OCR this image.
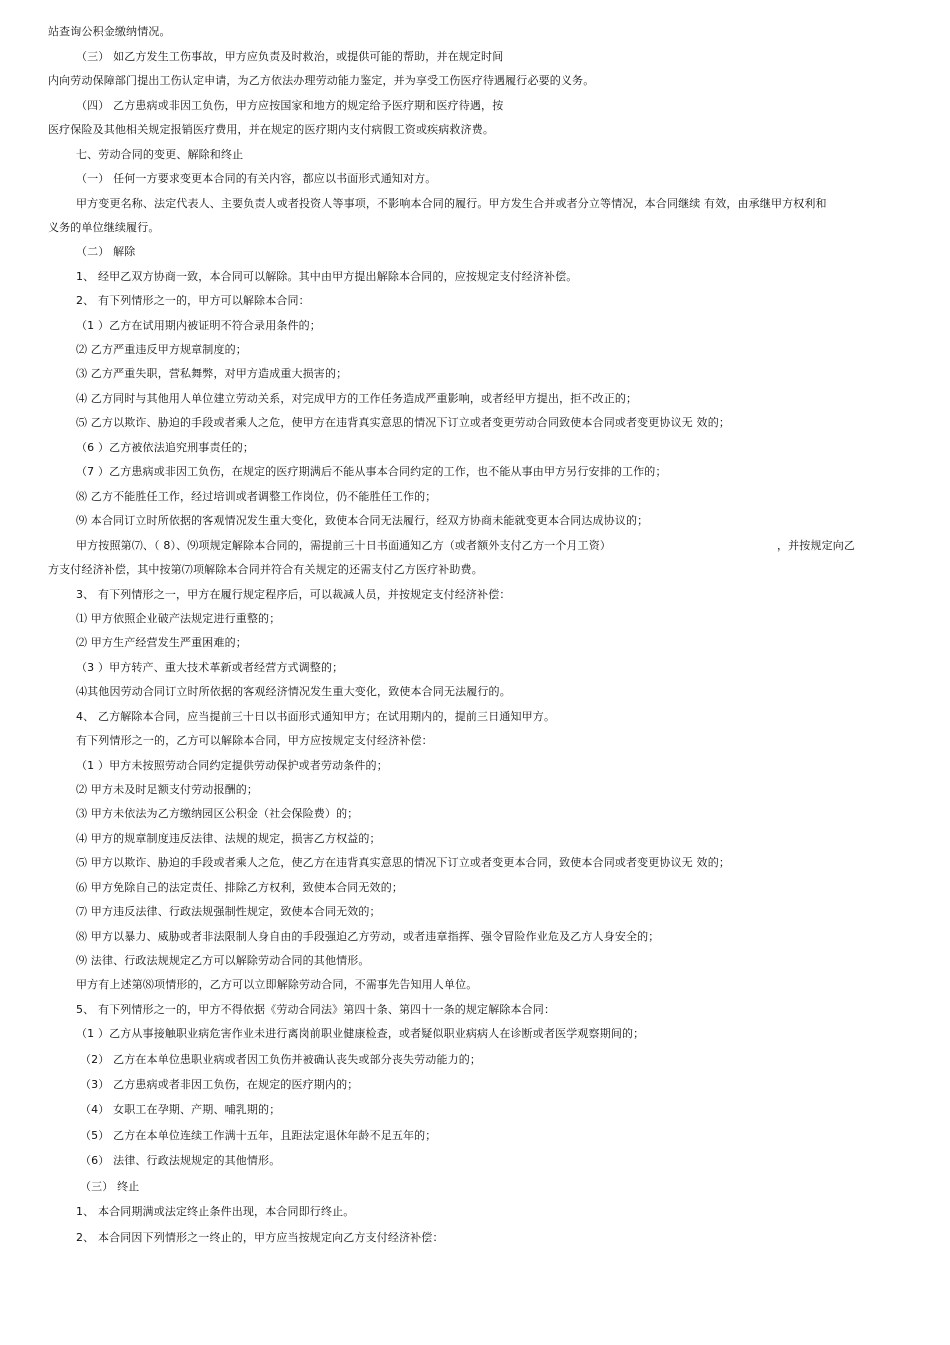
站查询公积金缴纳情况。
（三） 如乙方发生工伤事故，甲方应负责及时救治，或提供可能的帮助，并在规定时间
内向劳动保障部门提出工伤认定申请，为乙方依法办理劳动能力鉴定，并为享受工伤医疗待遇履行必要的义务。
（四） 乙方患病或非因工负伤，甲方应按国家和地方的规定给予医疗期和医疗待遇，按
医疗保险及其他相关规定报销医疗费用，并在规定的医疗期内支付病假工资或疾病救济费。
七、劳动合同的变更、解除和终止
（一） 任何一方要求变更本合同的有关内容，都应以书面形式通知对方。
甲方变更名称、法定代表人、主要负责人或者投资人等事项，不影响本合同的履行。甲方发生合并或者分立等情况，本合同继续 有效，由承继甲方权利和
义务的单位继续履行。
（二） 解除
1、 经甲乙双方协商一致，本合同可以解除。其中由甲方提出解除本合同的，应按规定支付经济补偿。
2、 有下列情形之一的，甲方可以解除本合同：
（1 ）乙方在试用期内被证明不符合录用条件的；
⑵ 乙方严重违反甲方规章制度的；
⑶ 乙方严重失职，营私舞弊，对甲方造成重大损害的；
⑷ 乙方同时与其他用人单位建立劳动关系，对完成甲方的工作任务造成严重影响，或者经甲方提出，拒不改正的；
⑸ 乙方以欺诈、胁迫的手段或者乘人之危，使甲方在违背真实意思的情况下订立或者变更劳动合同致使本合同或者变更协议无 效的；
（6 ）乙方被依法追究刑事责任的；
（7 ）乙方患病或非因工负伤，在规定的医疗期满后不能从事本合同约定的工作，也不能从事由甲方另行安排的工作的；
⑻ 乙方不能胜任工作，经过培训或者调整工作岗位，仍不能胜任工作的；
⑼ 本合同订立时所依据的客观情况发生重大变化，致使本合同无法履行，经双方协商未能就变更本合同达成协议的；
甲方按照第⑺、（ 8）、⑼项规定解除本合同的，需提前三十日书面通知乙方（或者额外支付乙方一个月工资）	，并按规定向乙
方支付经济补偿，其中按第⑺项解除本合同并符合有关规定的还需支付乙方医疗补助费。
3、 有下列情形之一，甲方在履行规定程序后，可以裁减人员，并按规定支付经济补偿：
⑴ 甲方依照企业破产法规定进行重整的；
⑵ 甲方生产经营发生严重困难的；
（3 ）甲方转产、重大技术革新或者经营方式调整的；
⑷其他因劳动合同订立时所依据的客观经济情况发生重大变化，致使本合同无法履行的。
4、 乙方解除本合同，应当提前三十日以书面形式通知甲方；在试用期内的，提前三日通知甲方。
有下列情形之一的，乙方可以解除本合同，甲方应按规定支付经济补偿：
（1 ）甲方未按照劳动合同约定提供劳动保护或者劳动条件的；
⑵ 甲方未及时足额支付劳动报酬的；
⑶ 甲方未依法为乙方缴纳园区公积金（社会保险费）的；
⑷ 甲方的规章制度违反法律、法规的规定，损害乙方权益的；
⑸ 甲方以欺诈、胁迫的手段或者乘人之危，使乙方在违背真实意思的情况下订立或者变更本合同，致使本合同或者变更协议无 效的；
⑹ 甲方免除自己的法定责任、排除乙方权利，致使本合同无效的；
⑺ 甲方违反法律、行政法规强制性规定，致使本合同无效的；
⑻ 甲方以暴力、威胁或者非法限制人身自由的手段强迫乙方劳动，或者违章指挥、强令冒险作业危及乙方人身安全的；
⑼ 法律、行政法规规定乙方可以解除劳动合同的其他情形。
甲方有上述第⑻项情形的，乙方可以立即解除劳动合同，不需事先告知用人单位。
5、 有下列情形之一的，甲方不得依据《劳动合同法》第四十条、第四十一条的规定解除本合同：
（1 ）乙方从事接触职业病危害作业未进行离岗前职业健康检查，或者疑似职业病病人在诊断或者医学观察期间的；
（2） 乙方在本单位患职业病或者因工负伤并被确认丧失或部分丧失劳动能力的；
（3） 乙方患病或者非因工负伤，在规定的医疗期内的；
（4） 女职工在孕期、产期、哺乳期的；
（5） 乙方在本单位连续工作满十五年，且距法定退休年龄不足五年的；
（6） 法律、行政法规规定的其他情形。
（三） 终止
1、 本合同期满或法定终止条件出现，本合同即行终止。
2、 本合同因下列情形之一终止的，甲方应当按规定向乙方支付经济补偿：
